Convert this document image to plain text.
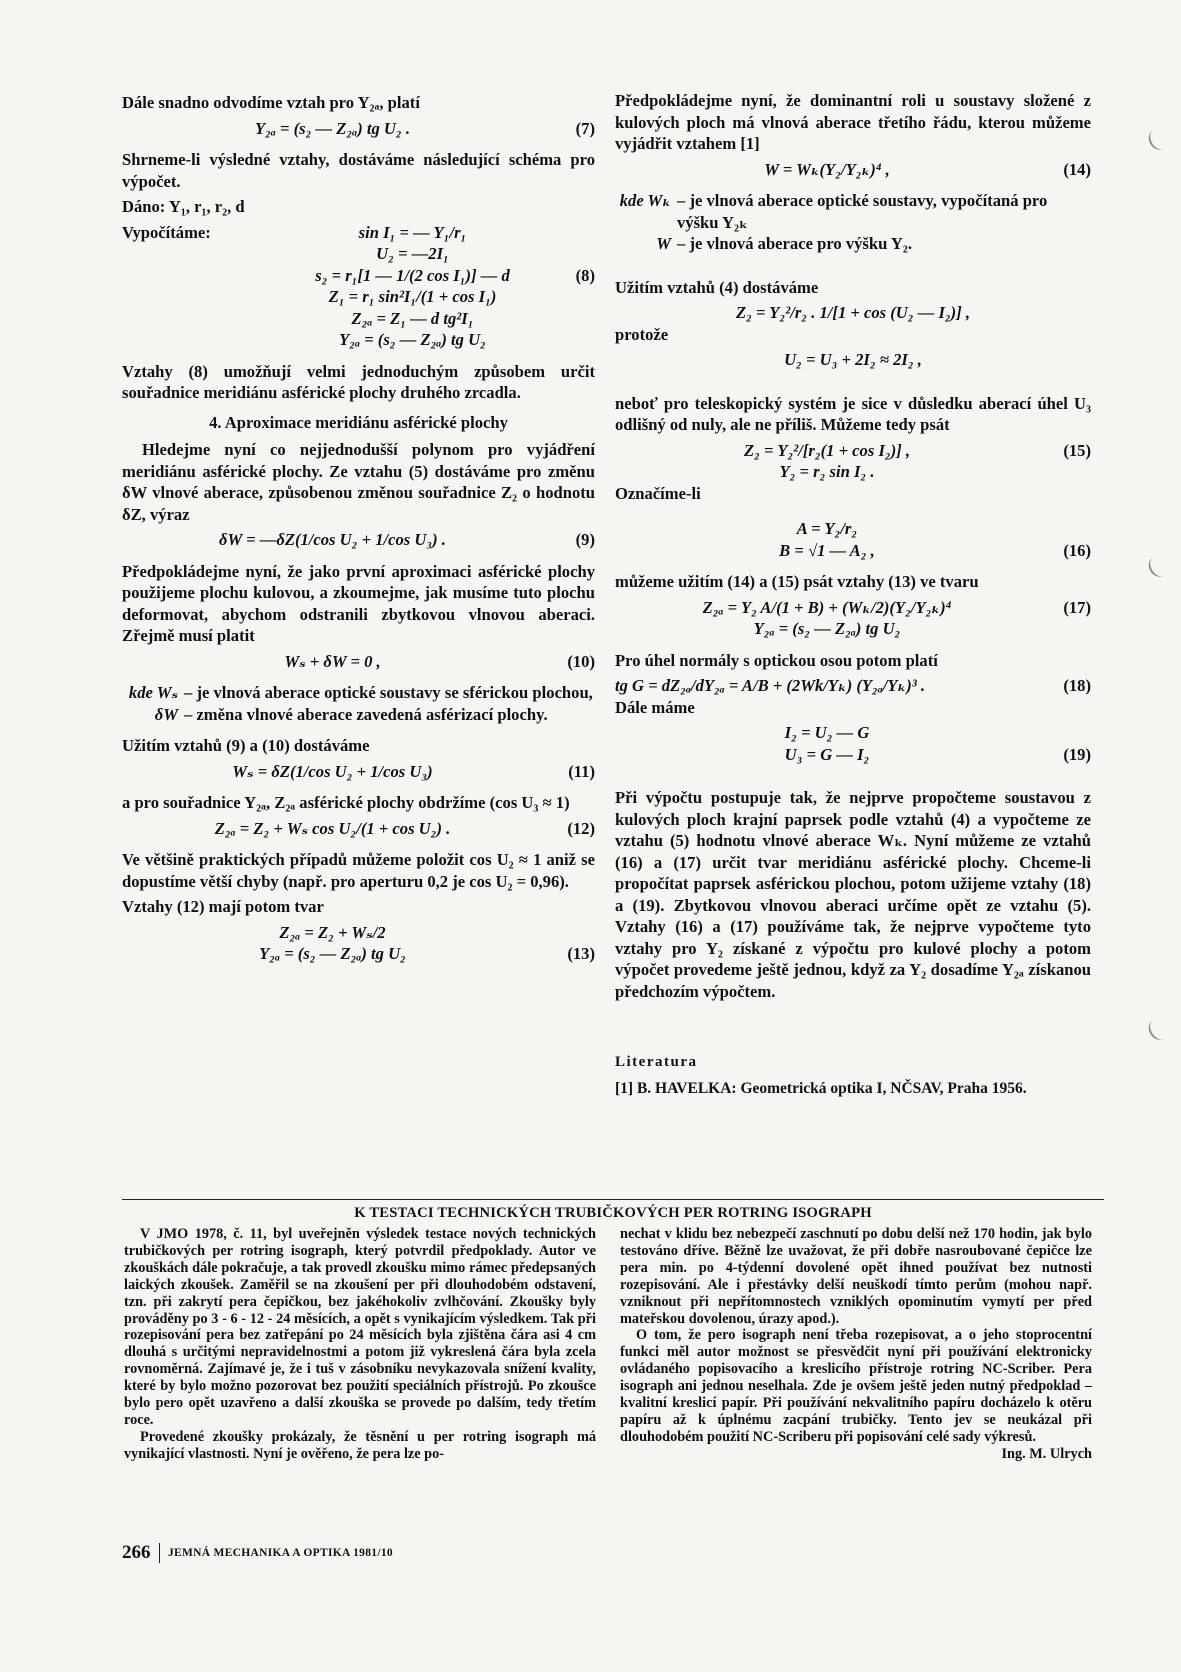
Dále snadno odvodíme vztah pro Y₂ₐ, platí

Y₂ₐ = (s₂ — Z₂ₐ) tg U₂ .	(7)

Shrneme-li výsledné vztahy, dostáváme následující schéma pro výpočet.

Dáno: Y₁, r₁, r₂, d

Vypočítáme:	sin I₁ = — Y₁/r₁
U₂ = —2I₁
s₂ = r₁[1 — 1/(2 cos I₁)] — d	(8)
Z₁ = r₁ sin²I₁/(1 + cos I₁)
Z₂ₐ = Z₁ — d tg²I₁
Y₂ₐ = (s₂ — Z₂ₐ) tg U₂

Vztahy (8) umožňují velmi jednoduchým způsobem určit souřadnice meridiánu asférické plochy druhého zrcadla.

4. Aproximace meridiánu asférické plochy

Hledejme nyní co nejjednodušší polynom pro vyjádření meridiánu asférické plochy. Ze vztahu (5) dostáváme pro změnu δW vlnové aberace, způsobenou změnou souřadnice Z₂ o hodnotu δZ, výraz

δW = —δZ(1/cos U₂ + 1/cos U₃) .	(9)

Předpokládejme nyní, že jako první aproximaci asférické plochy použijeme plochu kulovou, a zkoumejme, jak musíme tuto plochu deformovat, abychom odstranili zbytkovou vlnovou aberaci. Zřejmě musí platit

Wₛ + δW = 0 ,	(10)
kde Wₛ – je vlnová aberace optické soustavy se sférickou plochou,
δW – změna vlnové aberace zavedená asférizací plochy.

Užitím vztahů (9) a (10) dostáváme

Wₛ = δZ(1/cos U₂ + 1/cos U₃)	(11)

a pro souřadnice Y₂ₐ, Z₂ₐ asférické plochy obdržíme (cos U₃ ≈ 1)

Z₂ₐ = Z₂ + Wₛ cos U₂/(1 + cos U₂) .	(12)

Ve většině praktických případů můžeme položit cos U₂ ≈ 1 aniž se dopustíme větší chyby (např. pro aperturu 0,2 je cos U₂ = 0,96).

Vztahy (12) mají potom tvar

Z₂ₐ = Z₂ + Wₛ/2
Y₂ₐ = (s₂ — Z₂ₐ) tg U₂	(13)

Předpokládejme nyní, že dominantní roli u soustavy složené z kulových ploch má vlnová aberace třetího řádu, kterou můžeme vyjádřit vztahem [1]

W = Wₖ(Y₂/Y₂ₖ)⁴ ,	(14)
kde Wₖ – je vlnová aberace optické soustavy, vypočítaná pro výšku Y₂ₖ
W – je vlnová aberace pro výšku Y₂.

Užitím vztahů (4) dostáváme

Z₂ = Y₂²/r₂ . 1/[1 + cos (U₂ — I₂)] ,

protože

U₂ = U₃ + 2I₂ ≈ 2I₂ ,

neboť pro teleskopický systém je sice v důsledku aberací úhel U₃ odlišný od nuly, ale ne příliš. Můžeme tedy psát

Z₂ = Y₂²/[r₂(1 + cos I₂)] ,	(15)
Y₂ = r₂ sin I₂ .

Označíme-li

A = Y₂/r₂
B = √1 — A₂ ,	(16)

můžeme užitím (14) a (15) psát vztahy (13) ve tvaru

Z₂ₐ = Y₂ A/(1 + B) + (Wₖ/2)(Y₂/Y₂ₖ)⁴	(17)
Y₂ₐ = (s₂ — Z₂ₐ) tg U₂

Pro úhel normály s optickou osou potom platí

tg G = dZ₂ₐ/dY₂ₐ = A/B + (2Wk/Yₖ) (Y₂ₐ/Yₖ)³ .	(18)

Dále máme

I₂ = U₂ — G
U₃ = G — I₂	(19)

Při výpočtu postupuje tak, že nejprve propočteme soustavou z kulových ploch krajní paprsek podle vztahů (4) a vypočteme ze vztahu (5) hodnotu vlnové aberace Wₖ. Nyní můžeme ze vztahů (16) a (17) určit tvar meridiánu asférické plochy. Chceme-li propočítat paprsek asférickou plochou, potom užijeme vztahy (18) a (19). Zbytkovou vlnovou aberaci určíme opět ze vztahu (5). Vztahy (16) a (17) používáme tak, že nejprve vypočteme tyto vztahy pro Y₂ získané z výpočtu pro kulové plochy a potom výpočet provedeme ještě jednou, když za Y₂ dosadíme Y₂ₐ získanou předchozím výpočtem.

Literatura

[1] B. HAVELKA: Geometrická optika I, NČSAV, Praha 1956.

K TESTACI TECHNICKÝCH TRUBIČKOVÝCH PER ROTRING ISOGRAPH

V JMO 1978, č. 11, byl uveřejněn výsledek testace nových technických trubičkových per rotring isograph, který potvrdil předpoklady. Autor ve zkouškách dále pokračuje, a tak provedl zkoušku mimo rámec předepsaných laických zkoušek. Zaměřil se na zkoušení per při dlouhodobém odstavení, tzn. při zakrytí pera čepičkou, bez jakéhokoliv zvlhčování. Zkoušky byly prováděny po 3 - 6 - 12 - 24 měsících, a opět s vynikajícím výsledkem. Tak při rozepisování pera bez zatřepání po 24 měsících byla zjištěna čára asi 4 cm dlouhá s určitými nepravidelnostmi a potom již vykreslená čára byla zcela rovnoměrná. Zajímavé je, že i tuš v zásobníku nevykazovala snížení kvality, které by bylo možno pozorovat bez použití speciálních přístrojů. Po zkoušce bylo pero opět uzavřeno a další zkouška se provede po dalším, tedy třetím roce.

Provedené zkoušky prokázaly, že těsnění u per rotring isograph má vynikající vlastnosti. Nyní je ověřeno, že pera lze po-

nechat v klidu bez nebezpečí zaschnutí po dobu delší než 170 hodin, jak bylo testováno dříve. Běžně lze uvažovat, že při dobře nasroubované čepičce lze pera min. po 4-týdenní dovolené opět ihned používat bez nutnosti rozepisování. Ale i přestávky delší neuškodí tímto perům (mohou např. vzniknout při nepřítomnostech vzniklých opominutím vymytí per před mateřskou dovolenou, úrazy apod.).

O tom, že pero isograph není třeba rozepisovat, a o jeho stoprocentní funkci měl autor možnost se přesvědčit nyní při používání elektronicky ovládaného popisovacího a kreslicího přístroje rotring NC-Scriber. Pera isograph ani jednou neselhala. Zde je ovšem ještě jeden nutný předpoklad – kvalitní kreslicí papír. Při používání nekvalitního papíru docházelo k otěru papíru až k úplnému zacpání trubičky. Tento jev se neukázal při dlouhodobém použití NC-Scriberu při popisování celé sady výkresů.

Ing. M. Ulrych
266 JEMNÁ MECHANIKA A OPTIKA 1981/10
